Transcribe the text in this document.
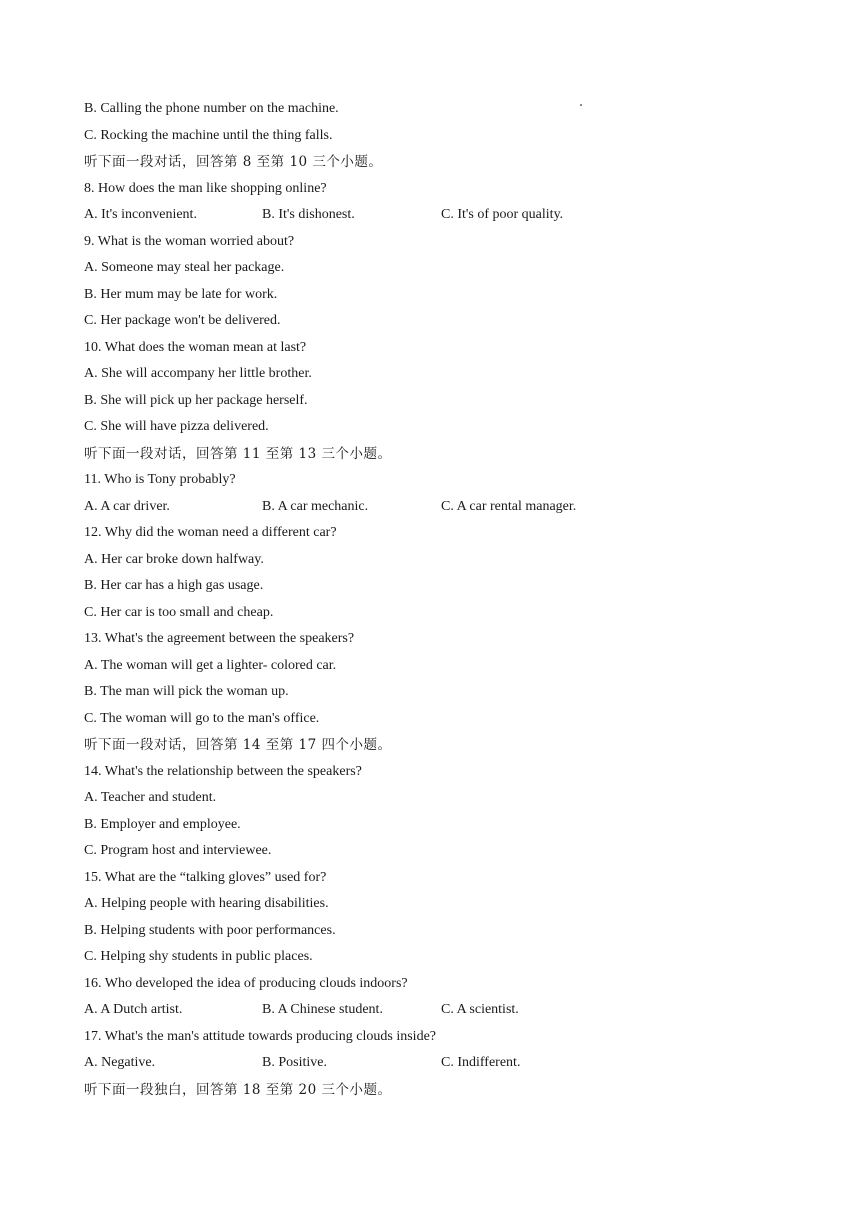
B. Calling the phone number on the machine.
C. Rocking the machine until the thing falls.
听下面一段对话，回答第 8 至第 10 三个小题。
8. How does the man like shopping online?
A. It's inconvenient.	B. It's dishonest.	C. It's of poor quality.
9. What is the woman worried about?
A. Someone may steal her package.
B. Her mum may be late for work.
C. Her package won't be delivered.
10. What does the woman mean at last?
A. She will accompany her little brother.
B. She will pick up her package herself.
C. She will have pizza delivered.
听下面一段对话，回答第 11 至第 13 三个小题。
11. Who is Tony probably?
A. A car driver.	B. A car mechanic.	C. A car rental manager.
12. Why did the woman need a different car?
A. Her car broke down halfway.
B. Her car has a high gas usage.
C. Her car is too small and cheap.
13. What's the agreement between the speakers?
A. The woman will get a lighter- colored car.
B. The man will pick the woman up.
C. The woman will go to the man's office.
听下面一段对话，回答第 14 至第 17 四个小题。
14. What's the relationship between the speakers?
A. Teacher and student.
B. Employer and employee.
C. Program host and interviewee.
15. What are the “talking gloves” used for?
A. Helping people with hearing disabilities.
B. Helping students with poor performances.
C. Helping shy students in public places.
16. Who developed the idea of producing clouds indoors?
A. A Dutch artist.	B. A Chinese student.	C. A scientist.
17. What's the man's attitude towards producing clouds inside?
A. Negative.	B. Positive.	C. Indifferent.
听下面一段独白，回答第 18 至第 20 三个小题。
